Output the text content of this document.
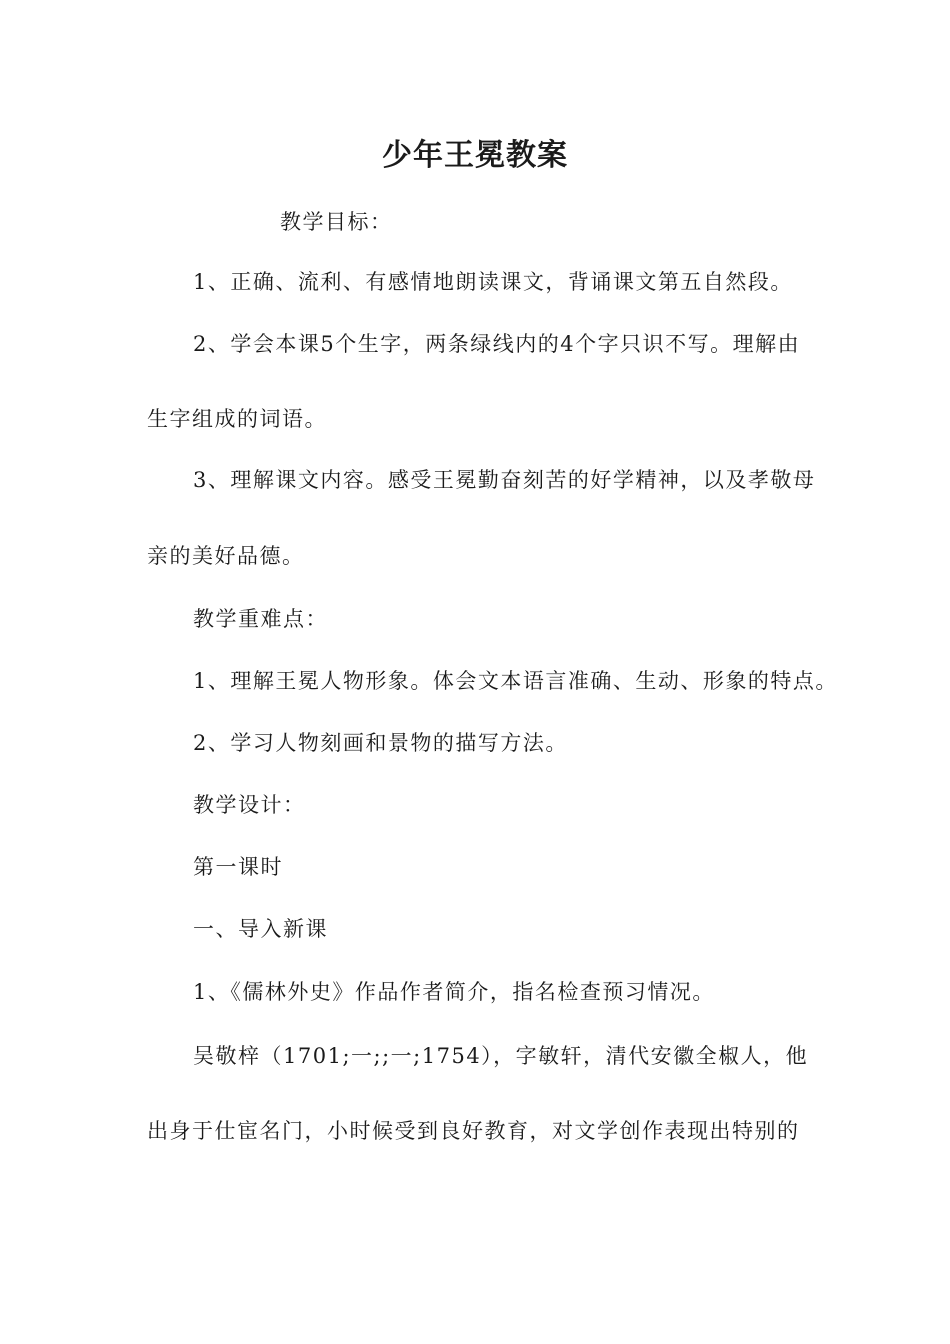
少年王冕教案
教学目标：
1、正确、流利、有感情地朗读课文，背诵课文第五自然段。
2、学会本课5个生字，两条绿线内的4个字只识不写。理解由
生字组成的词语。
3、理解课文内容。感受王冕勤奋刻苦的好学精神，以及孝敬母
亲的美好品德。
教学重难点：
1、理解王冕人物形象。体会文本语言准确、生动、形象的特点。
2、学习人物刻画和景物的描写方法。
教学设计：
第一课时
一、导入新课
1、《儒林外史》作品作者简介，指名检查预习情况。
吴敬梓（1701;一;;一;1754），字敏轩，清代安徽全椒人，他
出身于仕宦名门，小时候受到良好教育，对文学创作表现出特别的
